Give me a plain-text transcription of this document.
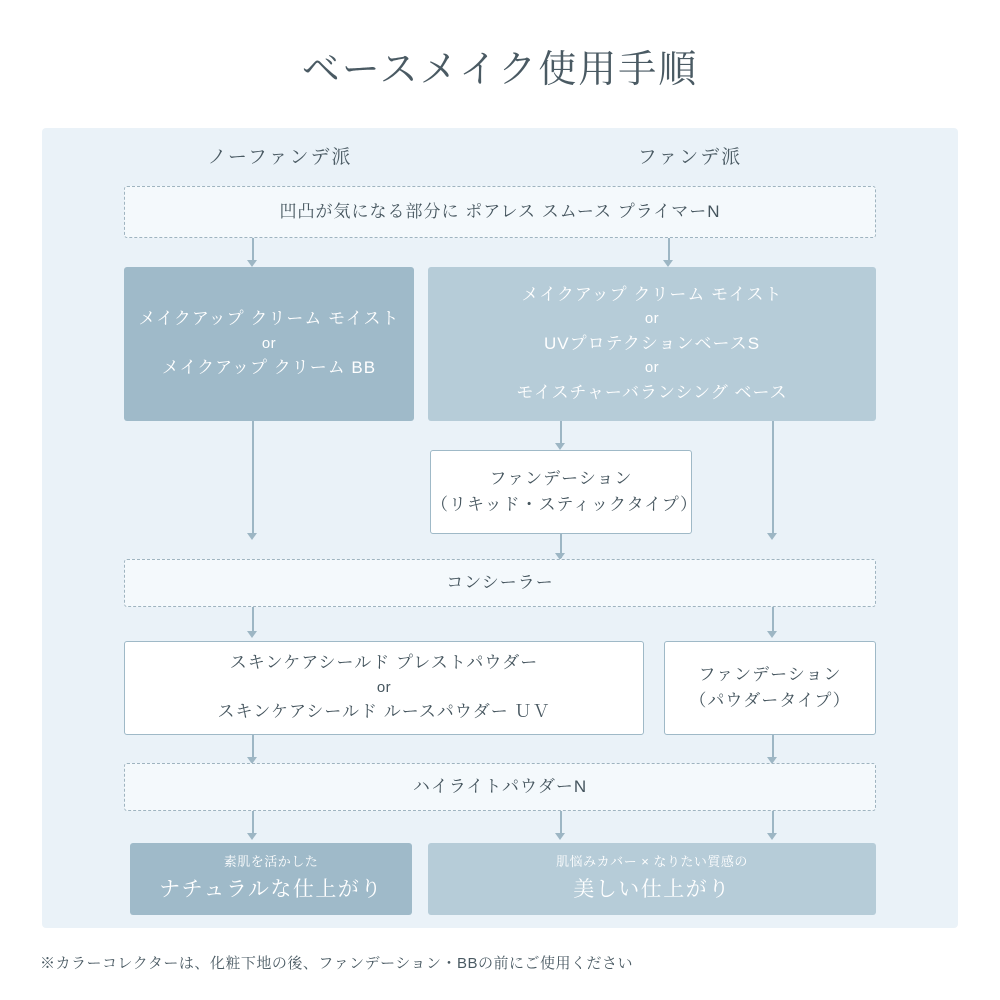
ベースメイク使用手順
ノーファンデ派	ファンデ派
凹凸が気になる部分に ポアレス スムース プライマーN
メイクアップ クリーム モイスト
or
メイクアップ クリーム BB
メイクアップ クリーム モイスト
or
UVプロテクションベースS
or
モイスチャーバランシング ベース
ファンデーション
（リキッド・スティックタイプ）
コンシーラー
スキンケアシールド プレストパウダー
or
スキンケアシールド ルースパウダー ＵＶ
ファンデーション
（パウダータイプ）
ハイライトパウダーN
素肌を活かした
ナチュラルな仕上がり
肌悩みカバー × なりたい質感の
美しい仕上がり
※カラーコレクターは、化粧下地の後、ファンデーション・BBの前にご使用ください
